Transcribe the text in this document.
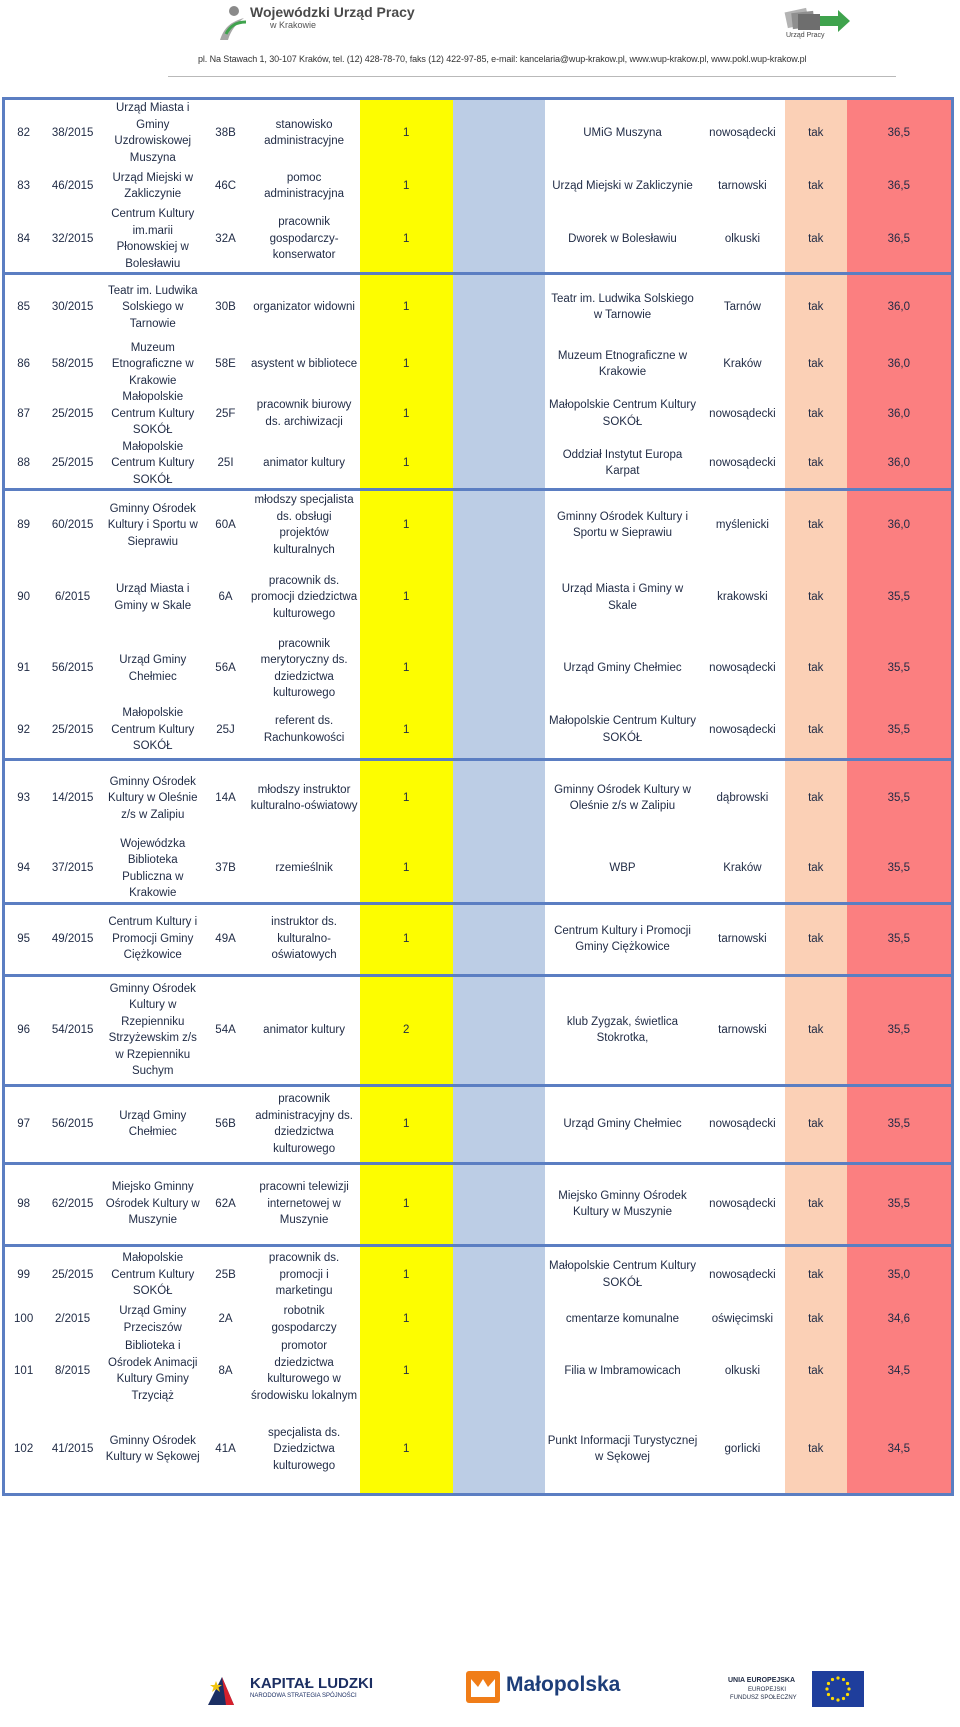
Wojewódzki Urząd Pracy
w Krakowie
Urząd Pracy
pl. Na Stawach 1, 30-107 Kraków, tel. (12) 428-78-70, faks (12) 422-97-85, e-mail: kancelaria@wup-krakow.pl, www.wup-krakow.pl, www.pokl.wup-krakow.pl
82	38/2015	Urząd Miasta i Gminy Uzdrowiskowej Muszyna	38B	stanowisko administracyjne	1		UMiG Muszyna	nowosądecki	tak	36,5
83	46/2015	Urząd Miejski w Zakliczynie	46C	pomoc administracyjna	1		Urząd Miejski w Zakliczynie	tarnowski	tak	36,5
84	32/2015	Centrum Kultury im.marii Płonowskiej w Bolesławiu	32A	pracownik gospodarczy-konserwator	1		Dworek w Bolesławiu	olkuski	tak	36,5
85	30/2015	Teatr im. Ludwika Solskiego w Tarnowie	30B	organizator widowni	1		Teatr im. Ludwika Solskiego w Tarnowie	Tarnów	tak	36,0
86	58/2015	Muzeum Etnograficzne w Krakowie	58E	asystent w bibliotece	1		Muzeum Etnograficzne w Krakowie	Kraków	tak	36,0
87	25/2015	Małopolskie Centrum Kultury SOKÓŁ	25F	pracownik biurowy ds. archiwizacji	1		Małopolskie Centrum Kultury SOKÓŁ	nowosądecki	tak	36,0
88	25/2015	Małopolskie Centrum Kultury SOKÓŁ	25I	animator kultury	1		Oddział Instytut Europa Karpat	nowosądecki	tak	36,0
89	60/2015	Gminny Ośrodek Kultury i Sportu w Sieprawiu	60A	młodszy specjalista ds. obsługi projektów kulturalnych	1		Gminny Ośrodek Kultury i Sportu w Sieprawiu	myślenicki	tak	36,0
90	6/2015	Urząd Miasta i Gminy w Skale	6A	pracownik ds. promocji dziedzictwa kulturowego	1		Urząd Miasta i Gminy w Skale	krakowski	tak	35,5
91	56/2015	Urząd Gminy Chełmiec	56A	pracownik merytoryczny ds. dziedzictwa kulturowego	1		Urząd Gminy Chełmiec	nowosądecki	tak	35,5
92	25/2015	Małopolskie Centrum Kultury SOKÓŁ	25J	referent ds. Rachunkowości	1		Małopolskie Centrum Kultury SOKÓŁ	nowosądecki	tak	35,5
93	14/2015	Gminny Ośrodek Kultury w Oleśnie z/s w Zalipiu	14A	młodszy instruktor kulturalno-oświatowy	1		Gminny Ośrodek Kultury w Oleśnie z/s w Zalipiu	dąbrowski	tak	35,5
94	37/2015	Wojewódzka Biblioteka Publiczna w Krakowie	37B	rzemieślnik	1		WBP	Kraków	tak	35,5
95	49/2015	Centrum Kultury i Promocji Gminy Ciężkowice	49A	instruktor ds. kulturalno-oświatowych	1		Centrum Kultury i Promocji Gminy Ciężkowice	tarnowski	tak	35,5
96	54/2015	Gminny Ośrodek Kultury w Rzepienniku Strzyżewskim z/s w Rzepienniku Suchym	54A	animator kultury	2		klub Zygzak, świetlica Stokrotka,	tarnowski	tak	35,5
97	56/2015	Urząd Gminy Chełmiec	56B	pracownik administracyjny ds. dziedzictwa kulturowego	1		Urząd Gminy Chełmiec	nowosądecki	tak	35,5
98	62/2015	Miejsko Gminny Ośrodek Kultury w Muszynie	62A	pracowni telewizji internetowej w Muszynie	1		Miejsko Gminny Ośrodek Kultury w Muszynie	nowosądecki	tak	35,5
99	25/2015	Małopolskie Centrum Kultury SOKÓŁ	25B	pracownik ds. promocji i marketingu	1		Małopolskie Centrum Kultury SOKÓŁ	nowosądecki	tak	35,0
100	2/2015	Urząd Gminy Przeciszów	2A	robotnik gospodarczy	1		cmentarze komunalne	oświęcimski	tak	34,6
101	8/2015	Biblioteka i Ośrodek Animacji Kultury Gminy Trzyciąż	8A	promotor dziedzictwa kulturowego w środowisku lokalnym	1		Filia w Imbramowicach	olkuski	tak	34,5
102	41/2015	Gminny Ośrodek Kultury w Sękowej	41A	specjalista ds. Dziedzictwa kulturowego	1		Punkt Informacji Turystycznej w Sękowej	gorlicki	tak	34,5
KAPITAŁ LUDZKI
NARODOWA STRATEGIA SPÓJNOŚCI	Małopolska	UNIA EUROPEJSKA
EUROPEJSKI
FUNDUSZ SPOŁECZNY
